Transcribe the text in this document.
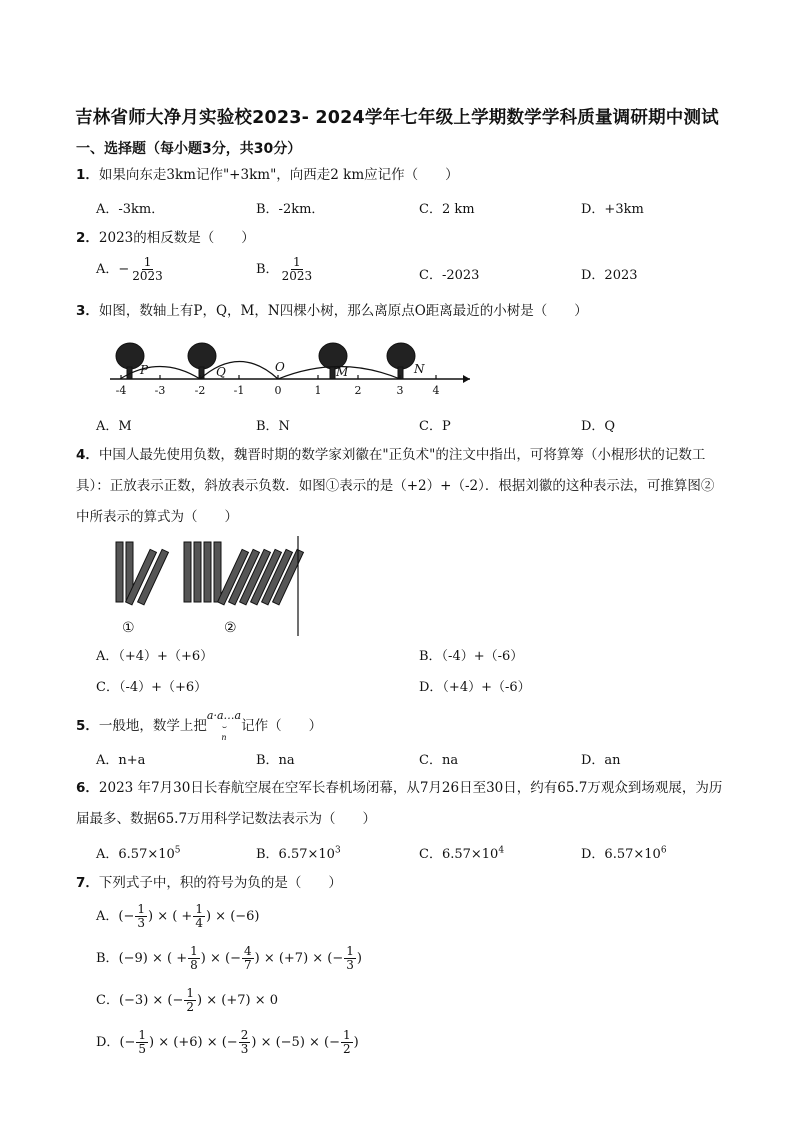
吉林省师大净月实验校2023- 2024学年七年级上学期数学学科质量调研期中测试
一、选择题（每小题3分，共30分）
1．如果向东走3km记作"+3km"，向西走2 km应记作（　　）
A．-3km．	B．-2km．	C．2 km	D．+3km
2．2023的相反数是（　　）
A．− $\frac{1}{2023}$	B． $\frac{1}{2023}$	C．-2023	D．2023
3．如图，数轴上有P，Q，M，N四棵小树，那么离原点O距离最近的小树是（　　）
-4	-3	-2	-1	0	1	2	3	4
P	Q	O	M	N
A．M	B．N	C．P	D．Q
4．中国人最先使用负数，魏晋时期的数学家刘徽在"正负术"的注文中指出，可将算筹（小棍形状的记数工具）：正放表示正数，斜放表示负数．如图①表示的是（+2）+（-2）．根据刘徽的这种表示法，可推算图②中所表示的算式为（　　）
①	②
A．（+4）+（+6）	B．（-4）+（-6）
C．（-4）+（+6）	D．（+4）+（-6）
5．一般地，数学上把
a·a…a
⌣
n
记作（　　）
A．n+a	B．na	C．na	D．an
6．2023 年7月30日长春航空展在空军长春机场闭幕，从7月26日至30日，约有65.7万观众到场观展，为历届最多、数据65.7万用科学记数法表示为（　　）
A．$6.57\times 10^5$	B．$6.57\times 10^3$	C．$6.57\times 10^4$	D．$6.57\times 10^6$
7．下列式子中，积的符号为负的是（　　）
A．(− $\frac{1}{3}$ ) × ( + $\frac{1}{4}$ ) × (−6)
B．(−9) × ( + $\frac{1}{8}$ ) × (− $\frac{4}{7}$ ) × (+7) × (− $\frac{1}{3}$ )
C．(−3) × (− $\frac{1}{2}$ ) × (+7) × 0
D．(− $\frac{1}{5}$ ) × (+6) × (− $\frac{2}{3}$ ) × (−5) × (− $\frac{1}{2}$ )
